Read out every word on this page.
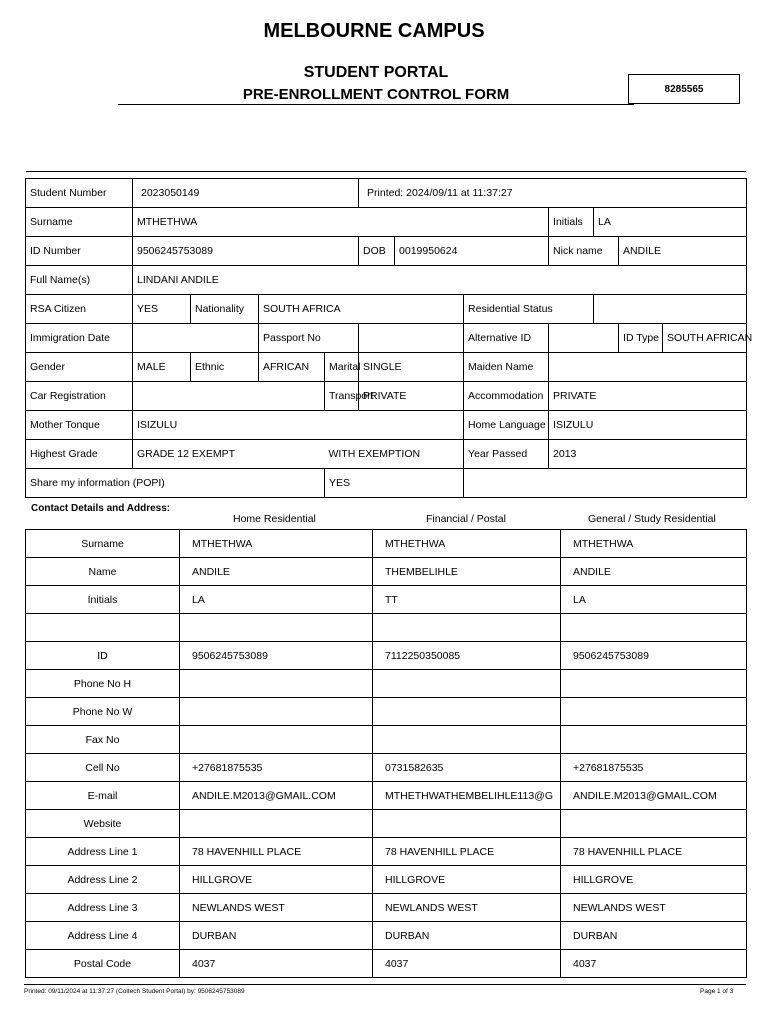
MELBOURNE CAMPUS
STUDENT PORTAL
PRE-ENROLLMENT CONTROL FORM	8285565
Student Number	2023050149				Printed: 2024/09/11 at 11:37:27						
Surname	MTHETHWA							Initials	LA		
ID Number	9506245753089				DOB	0019950624		Nick name		ANDILE	
Full Name(s)	LINDANI ANDILE										
RSA Citizen	YES	Nationality	SOUTH AFRICA				Residential Status				
Immigration Date			Passport No				Alternative ID			ID Type	SOUTH AFRICAN
Gender	MALE	Ethnic	AFRICAN	Marital	SINGLE		Maiden Name				
Car Registration				Transport	PRIVATE		Accommodation	PRIVATE			
Mother Tonque	ISIZULU						Home Language	ISIZULU			
Highest Grade	GRADE 12 EXEMPT			WITH EXEMPTION			Year Passed	2013			
Share my information (POPI)				YES							
Contact Details and Address:
Home Residential	Financial / Postal	General / Study Residential
Surname	MTHETHWA	MTHETHWA	MTHETHWA
Name	ANDILE	THEMBELIHLE	ANDILE
Initials	LA	TT	LA

ID	9506245753089	7112250350085	9506245753089
Phone No H			
Phone No W			
Fax No			
Cell No	+27681875535	0731582635	+27681875535
E-mail	ANDILE.M2013@GMAIL.COM	MTHETHWATHEMBELIHLE113@G	ANDILE.M2013@GMAIL.COM
Website			
Address Line 1	78 HAVENHILL PLACE	78 HAVENHILL PLACE	78 HAVENHILL PLACE
Address Line 2	HILLGROVE	HILLGROVE	HILLGROVE
Address Line 3	NEWLANDS WEST	NEWLANDS WEST	NEWLANDS WEST
Address Line 4	DURBAN	DURBAN	DURBAN
Postal Code	4037	4037	4037
Printed: 09/11/2024 at 11:37:27 (Coltech Student Portal) by: 9506245753089	Page 1 of 3
